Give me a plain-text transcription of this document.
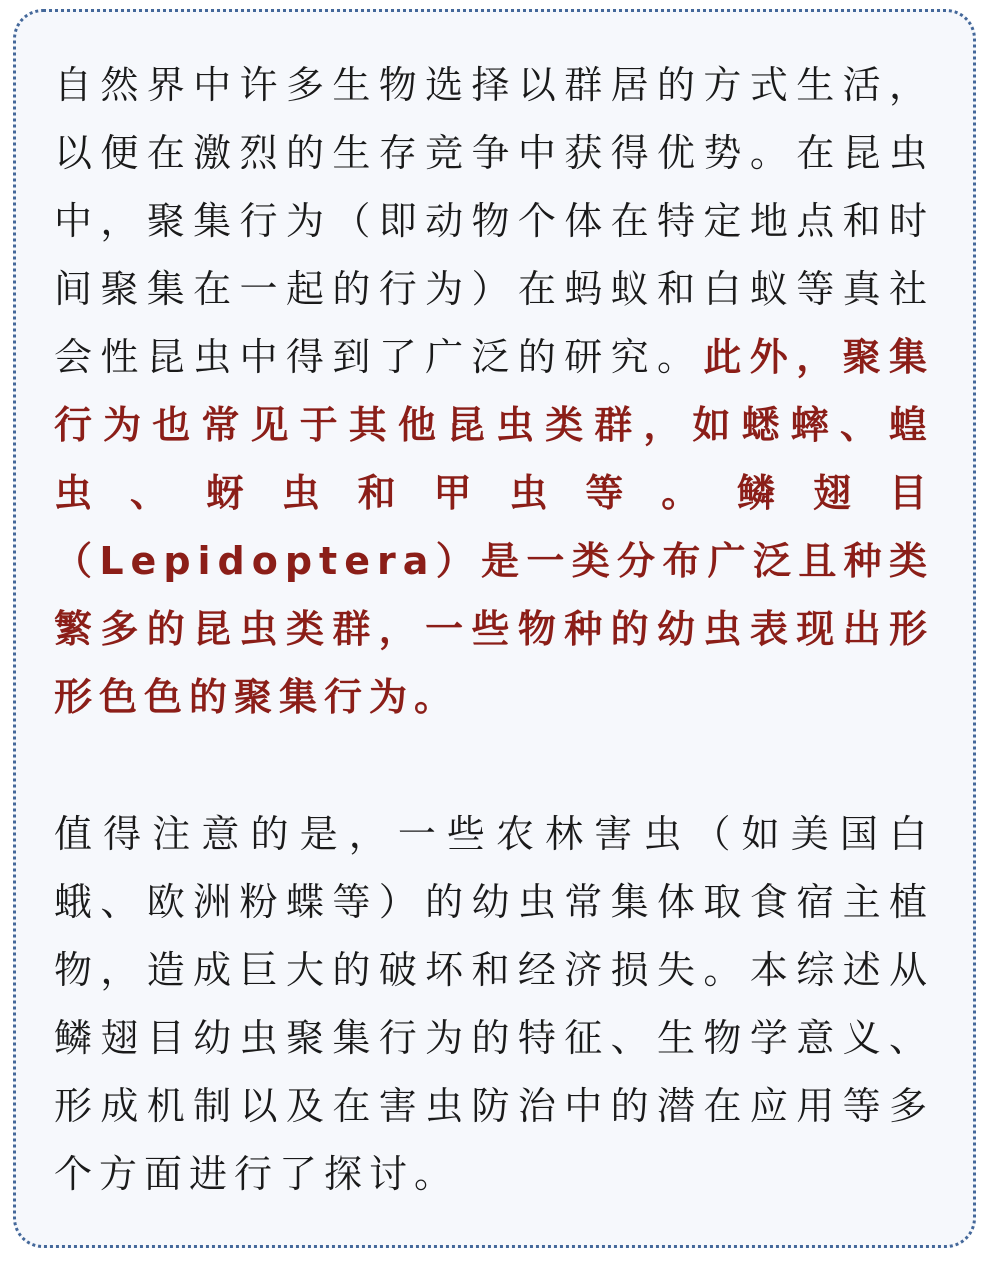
自然界中许多生物选择以群居的方式生活，以便在激烈的生存竞争中获得优势。在昆虫中，聚集行为（即动物个体在特定地点和时间聚集在一起的行为）在蚂蚁和白蚁等真社会性昆虫中得到了广泛的研究。此外，聚集行为也常见于其他昆虫类群，如蟋蟀、蝗虫、蚜虫和甲虫等。鳞翅目（Lepidoptera）是一类分布广泛且种类繁多的昆虫类群，一些物种的幼虫表现出形形色色的聚集行为。

值得注意的是，一些农林害虫（如美国白蛾、欧洲粉蝶等）的幼虫常集体取食宿主植物，造成巨大的破坏和经济损失。本综述从鳞翅目幼虫聚集行为的特征、生物学意义、形成机制以及在害虫防治中的潜在应用等多个方面进行了探讨。
